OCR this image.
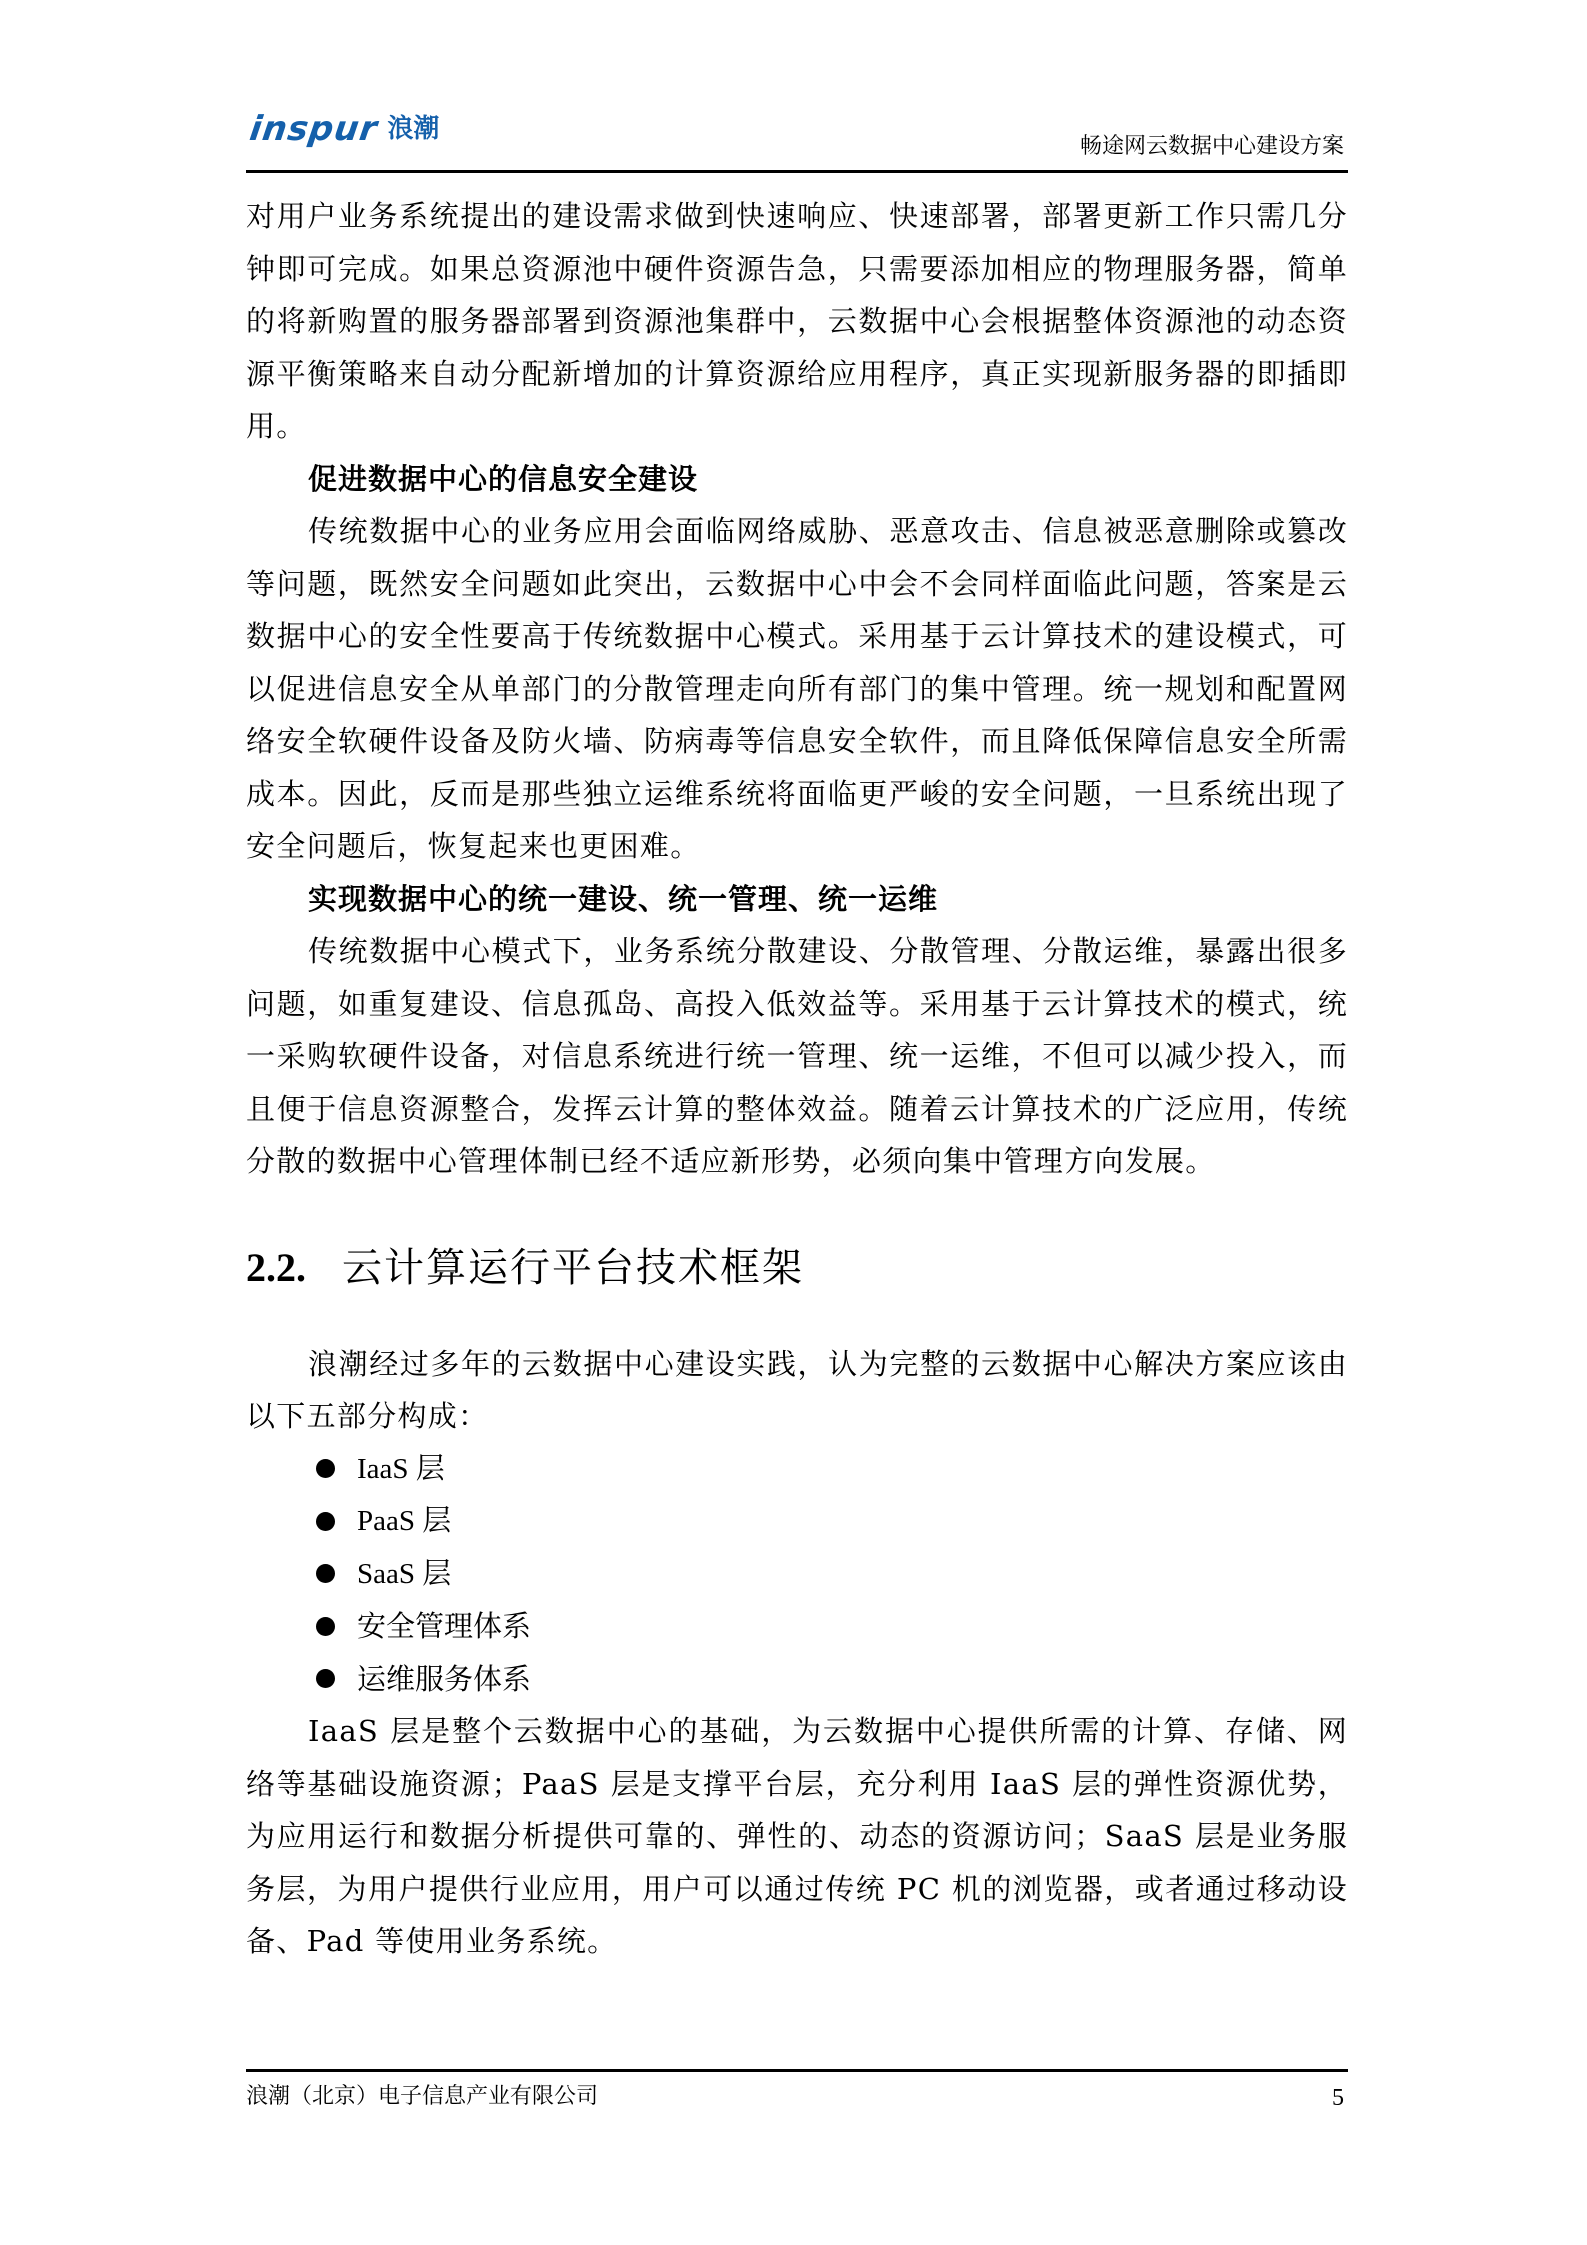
inspur 浪潮
畅途网云数据中心建设方案

对用户业务系统提出的建设需求做到快速响应、快速部署，部署更新工作只需几分钟即可完成。如果总资源池中硬件资源告急，只需要添加相应的物理服务器，简单的将新购置的服务器部署到资源池集群中，云数据中心会根据整体资源池的动态资源平衡策略来自动分配新增加的计算资源给应用程序，真正实现新服务器的即插即用。

促进数据中心的信息安全建设

传统数据中心的业务应用会面临网络威胁、恶意攻击、信息被恶意删除或篡改等问题，既然安全问题如此突出，云数据中心中会不会同样面临此问题，答案是云数据中心的安全性要高于传统数据中心模式。采用基于云计算技术的建设模式，可以促进信息安全从单部门的分散管理走向所有部门的集中管理。统一规划和配置网络安全软硬件设备及防火墙、防病毒等信息安全软件，而且降低保障信息安全所需成本。因此，反而是那些独立运维系统将面临更严峻的安全问题，一旦系统出现了安全问题后，恢复起来也更困难。

实现数据中心的统一建设、统一管理、统一运维

传统数据中心模式下，业务系统分散建设、分散管理、分散运维，暴露出很多问题，如重复建设、信息孤岛、高投入低效益等。采用基于云计算技术的模式，统一采购软硬件设备，对信息系统进行统一管理、统一运维，不但可以减少投入，而且便于信息资源整合，发挥云计算的整体效益。随着云计算技术的广泛应用，传统分散的数据中心管理体制已经不适应新形势，必须向集中管理方向发展。

2.2. 云计算运行平台技术框架

浪潮经过多年的云数据中心建设实践，认为完整的云数据中心解决方案应该由以下五部分构成：

IaaS 层
PaaS 层
SaaS 层
安全管理体系
运维服务体系

IaaS 层是整个云数据中心的基础，为云数据中心提供所需的计算、存储、网络等基础设施资源；PaaS 层是支撑平台层，充分利用 IaaS 层的弹性资源优势，为应用运行和数据分析提供可靠的、弹性的、动态的资源访问；SaaS 层是业务服务层，为用户提供行业应用，用户可以通过传统 PC 机的浏览器，或者通过移动设备、Pad 等使用业务系统。

浪潮（北京）电子信息产业有限公司	5
